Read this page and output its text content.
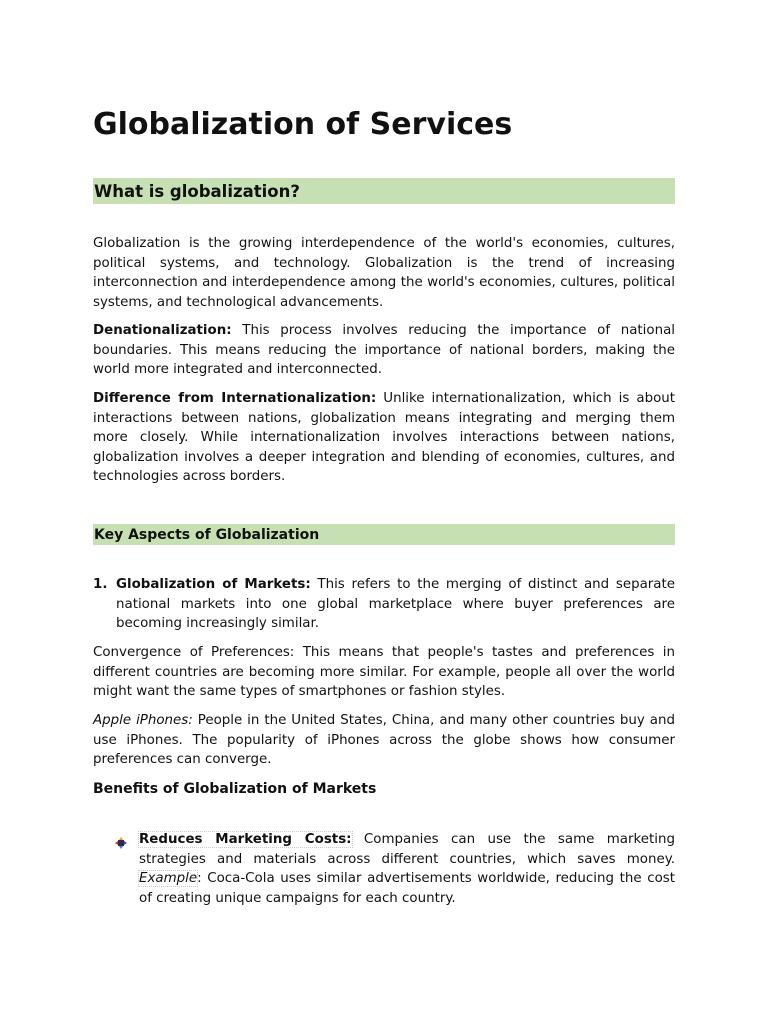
Globalization of Services
What is globalization?

Globalization is the growing interdependence of the world's economies, cultures, political systems, and technology. Globalization is the trend of increasing interconnection and interdependence among the world's economies, cultures, political systems, and technological advancements.

Denationalization: This process involves reducing the importance of national boundaries. This means reducing the importance of national borders, making the world more integrated and interconnected.

Difference from Internationalization: Unlike internationalization, which is about interactions between nations, globalization means integrating and merging them more closely. While internationalization involves interactions between nations, globalization involves a deeper integration and blending of economies, cultures, and technologies across borders.

Key Aspects of Globalization
1. Globalization of Markets: This refers to the merging of distinct and separate national markets into one global marketplace where buyer preferences are becoming increasingly similar.

Convergence of Preferences: This means that people's tastes and preferences in different countries are becoming more similar. For example, people all over the world might want the same types of smartphones or fashion styles.

Apple iPhones: People in the United States, China, and many other countries buy and use iPhones. The popularity of iPhones across the globe shows how consumer preferences can converge.

Benefits of Globalization of Markets

Reduces Marketing Costs: Companies can use the same marketing strategies and materials across different countries, which saves money. Example: Coca-Cola uses similar advertisements worldwide, reducing the cost of creating unique campaigns for each country.
